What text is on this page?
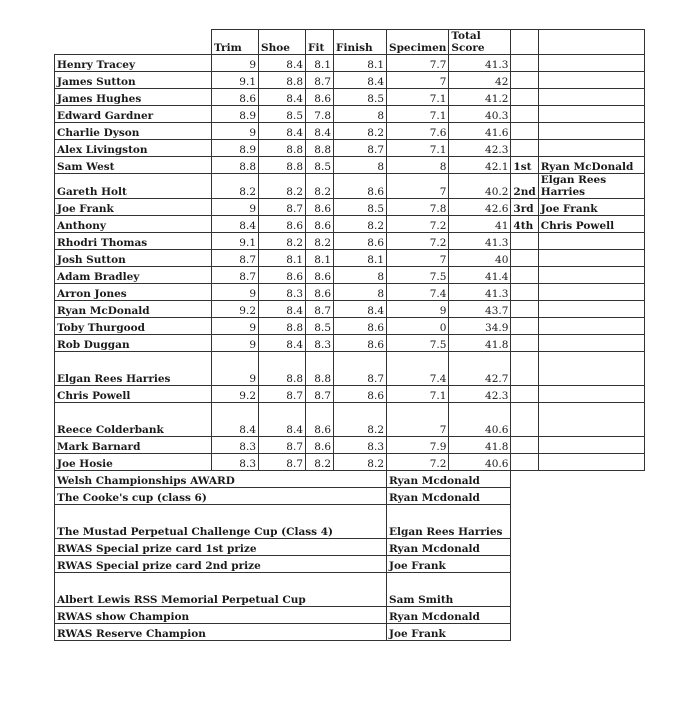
	Trim	Shoe	Fit	Finish	Specimen	Total Score		
Henry Tracey	9	8.4	8.1	8.1	7.7	41.3		
James Sutton	9.1	8.8	8.7	8.4	7	42		
James Hughes	8.6	8.4	8.6	8.5	7.1	41.2		
Edward Gardner	8.9	8.5	7.8	8	7.1	40.3		
Charlie Dyson	9	8.4	8.4	8.2	7.6	41.6		
Alex Livingston	8.9	8.8	8.8	8.7	7.1	42.3		
Sam West	8.8	8.8	8.5	8	8	42.1	1st	Ryan McDonald
Gareth Holt	8.2	8.2	8.2	8.6	7	40.2	2nd	Elgan Rees Harries
Joe Frank	9	8.7	8.6	8.5	7.8	42.6	3rd	Joe Frank
Anthony	8.4	8.6	8.6	8.2	7.2	41	4th	Chris Powell
Rhodri Thomas	9.1	8.2	8.2	8.6	7.2	41.3		
Josh Sutton	8.7	8.1	8.1	8.1	7	40		
Adam Bradley	8.7	8.6	8.6	8	7.5	41.4		
Arron Jones	9	8.3	8.6	8	7.4	41.3		
Ryan McDonald	9.2	8.4	8.7	8.4	9	43.7		
Toby Thurgood	9	8.8	8.5	8.6	0	34.9		
Rob Duggan	9	8.4	8.3	8.6	7.5	41.8		
Elgan Rees Harries	9	8.8	8.8	8.7	7.4	42.7		
Chris Powell	9.2	8.7	8.7	8.6	7.1	42.3		
Reece Colderbank	8.4	8.4	8.6	8.2	7	40.6		
Mark Barnard	8.3	8.7	8.6	8.3	7.9	41.8		
Joe Hosie	8.3	8.7	8.2	8.2	7.2	40.6		
Welsh Championships AWARD					Ryan Mcdonald			
The Cooke's cup (class 6)					Ryan Mcdonald			
The Mustad Perpetual Challenge Cup (Class 4)					Elgan Rees Harries			
RWAS Special prize card 1st prize					Ryan Mcdonald			
RWAS Special prize card 2nd prize					Joe Frank			
Albert Lewis RSS Memorial Perpetual Cup					Sam Smith			
RWAS show Champion					Ryan Mcdonald			
RWAS Reserve Champion					Joe Frank			
